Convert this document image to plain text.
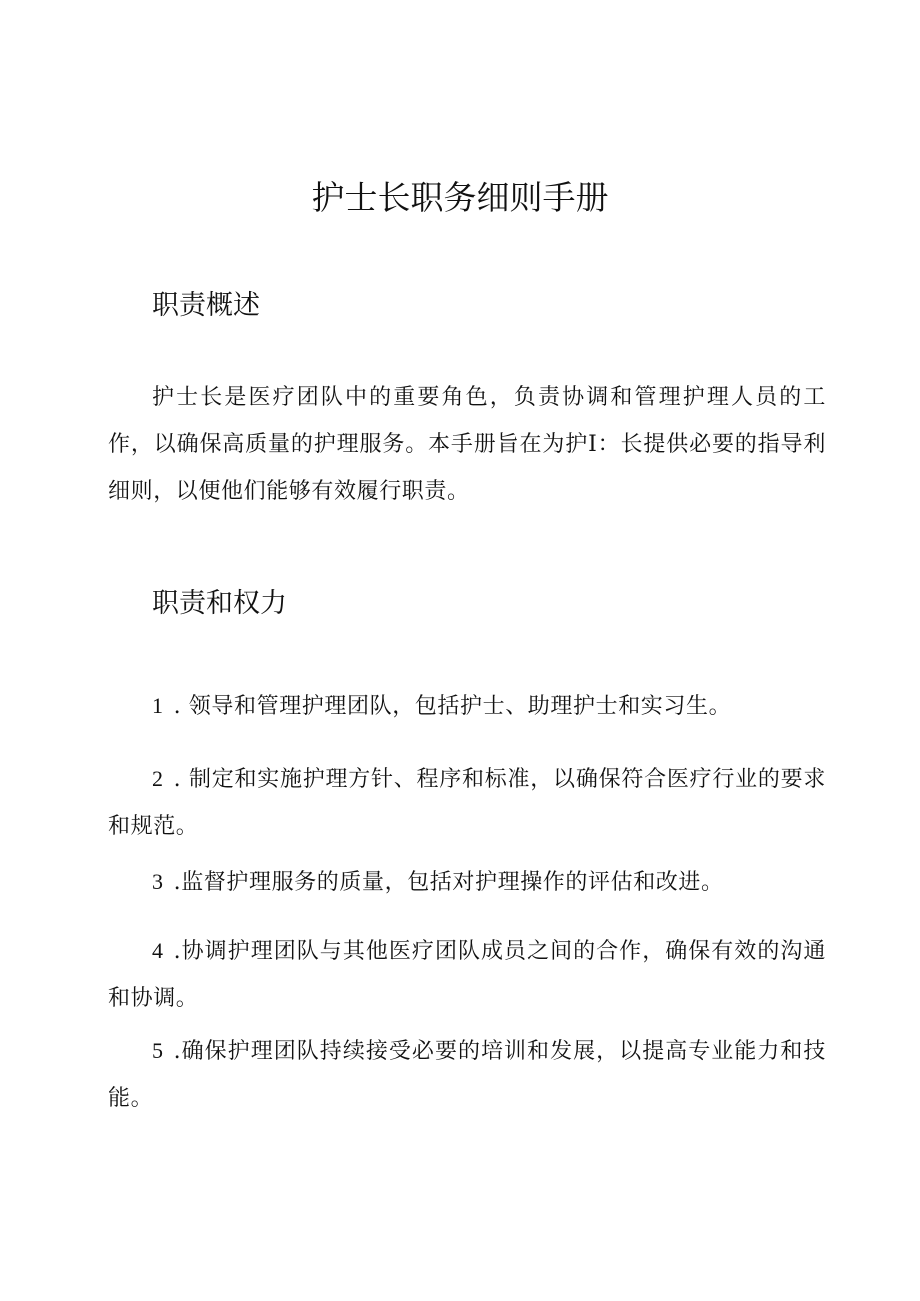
护士长职务细则手册
职责概述

护士长是医疗团队中的重要角色，负责协调和管理护理人员的工作，以确保高质量的护理服务。本手册旨在为护I：长提供必要的指导利细则，以便他们能够有效履行职责。

职责和权力

1 . 领导和管理护理团队，包括护士、助理护士和实习生。

2 . 制定和实施护理方针、程序和标准，以确保符合医疗行业的要求和规范。

3 .监督护理服务的质量，包括对护理操作的评估和改进。

4 .协调护理团队与其他医疗团队成员之间的合作，确保有效的沟通和协调。

5 .确保护理团队持续接受必要的培训和发展，以提高专业能力和技能。
